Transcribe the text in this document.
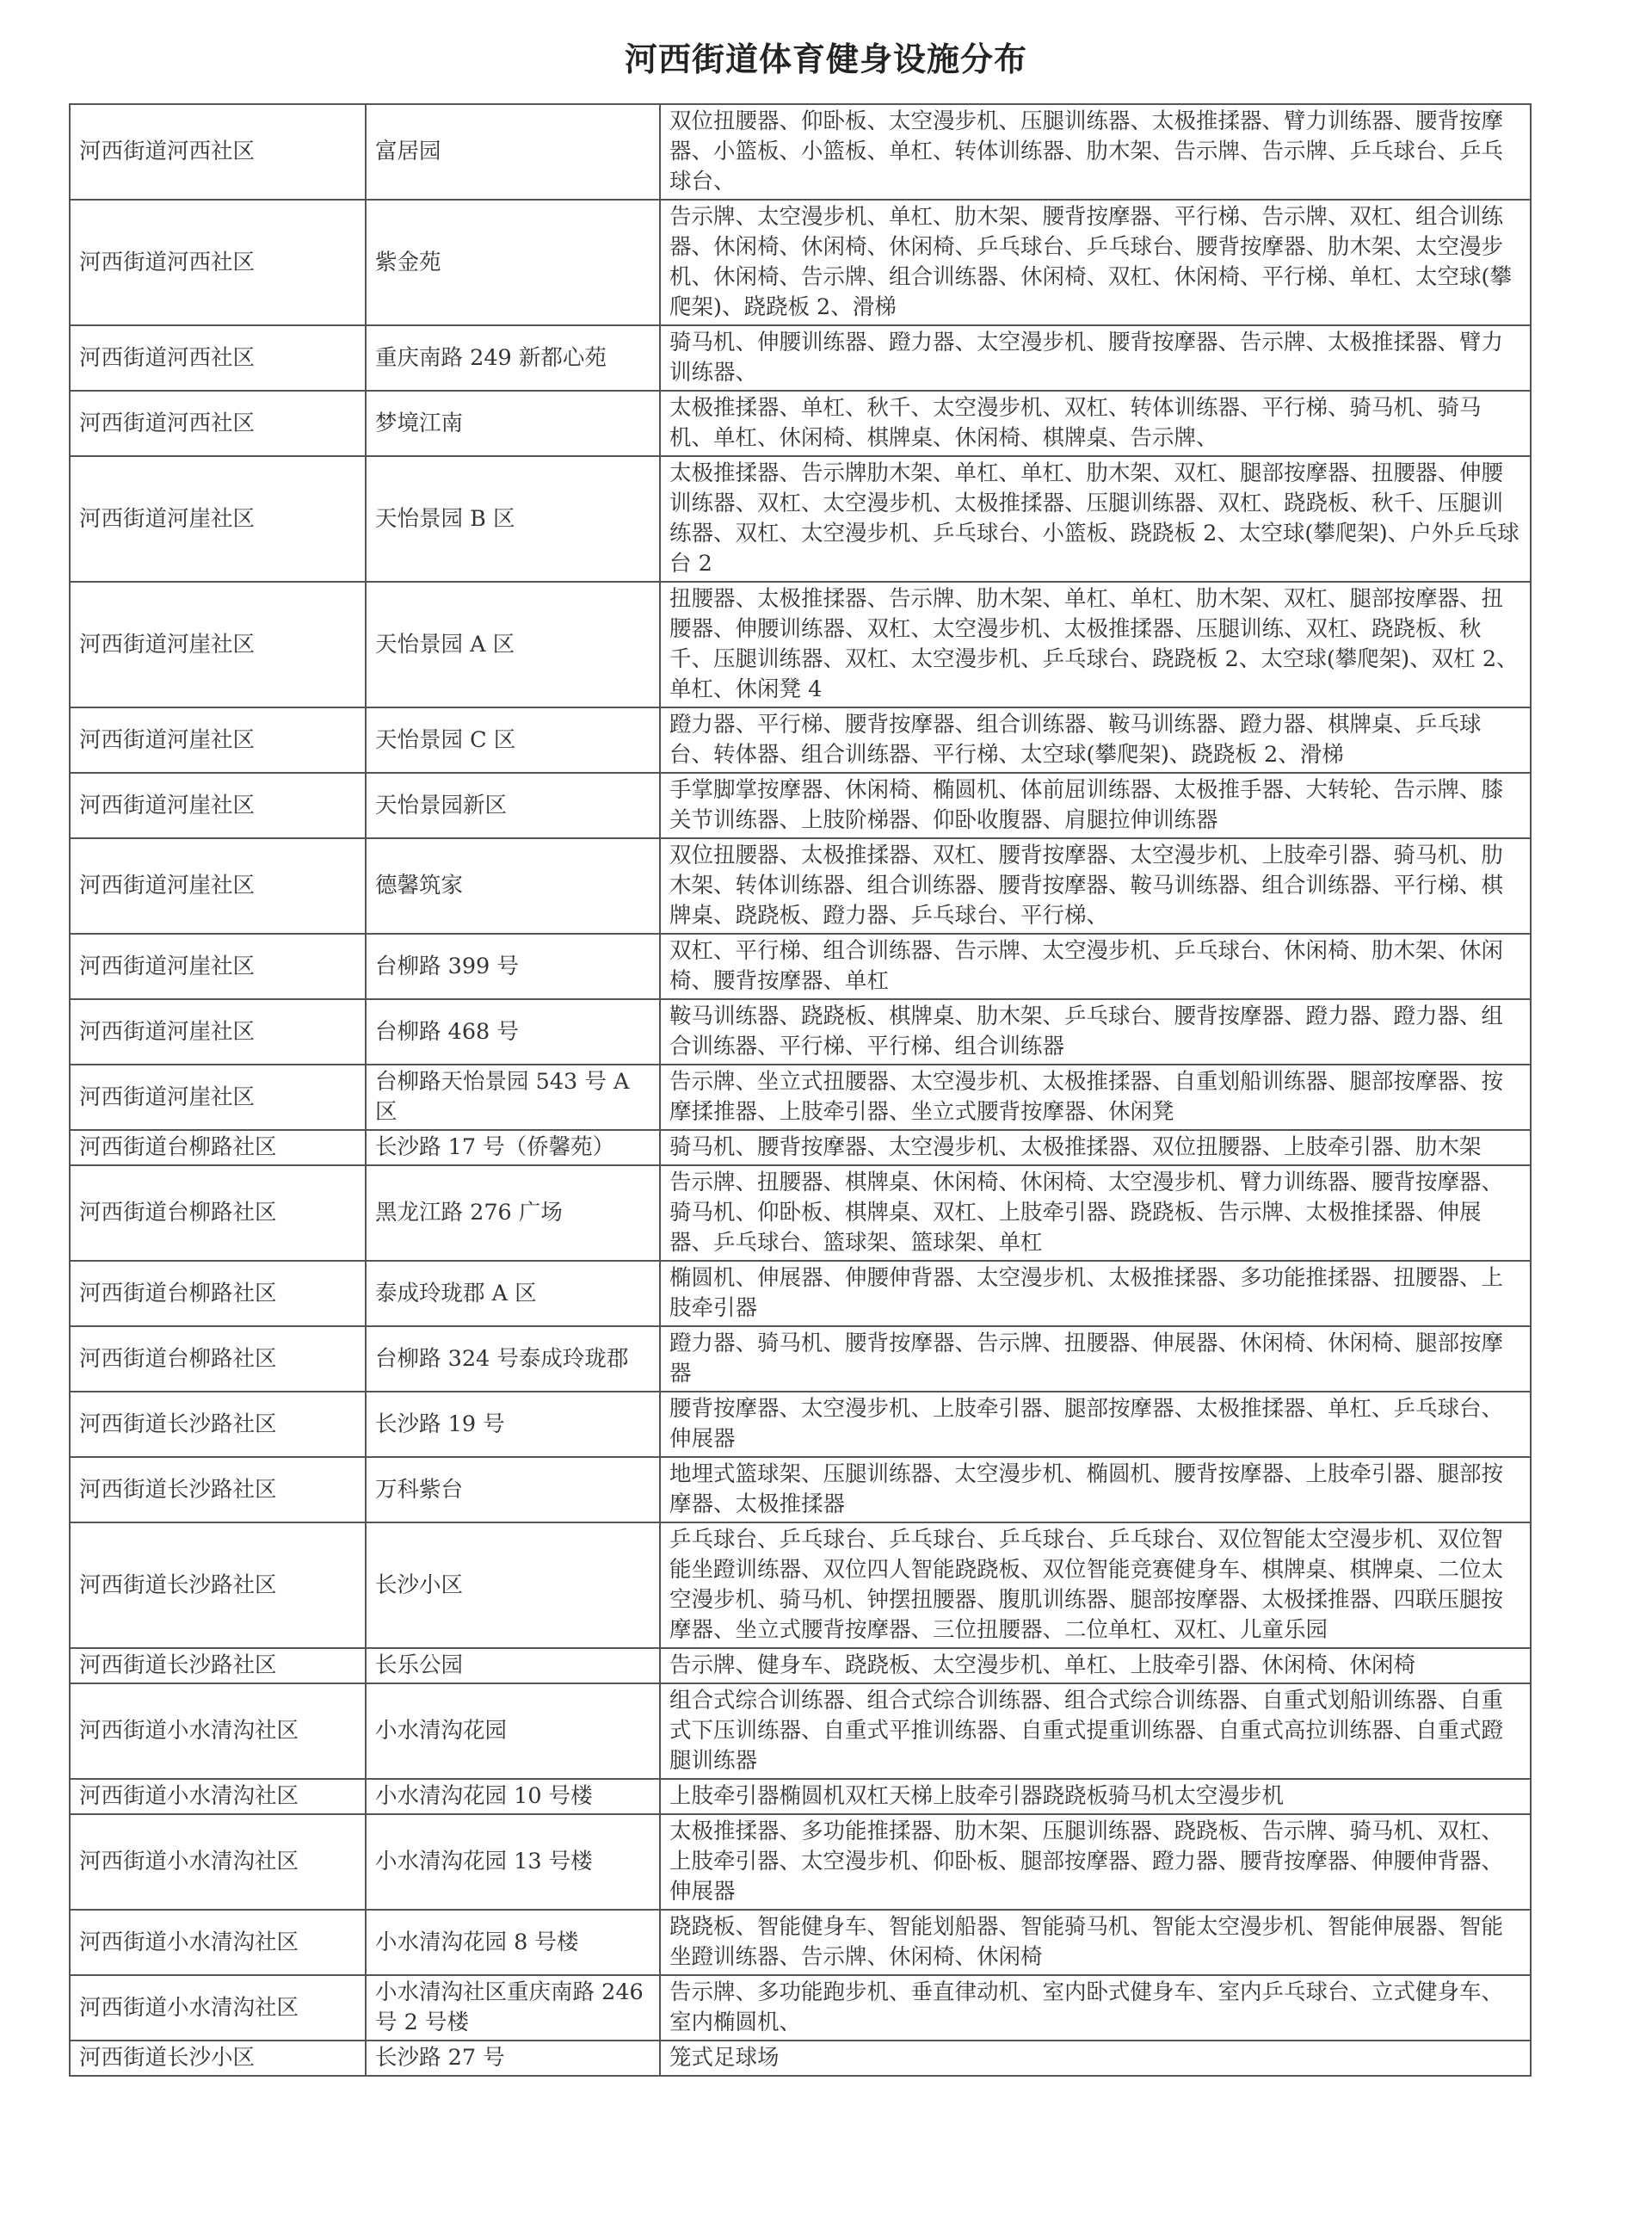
河西街道体育健身设施分布
河西街道河西社区	富居园	双位扭腰器、仰卧板、太空漫步机、压腿训练器、太极推揉器、臂力训练器、腰背按摩器、小篮板、小篮板、单杠、转体训练器、肋木架、告示牌、告示牌、乒乓球台、乒乓球台、
河西街道河西社区	紫金苑	告示牌、太空漫步机、单杠、肋木架、腰背按摩器、平行梯、告示牌、双杠、组合训练器、休闲椅、休闲椅、休闲椅、乒乓球台、乒乓球台、腰背按摩器、肋木架、太空漫步机、休闲椅、告示牌、组合训练器、休闲椅、双杠、休闲椅、平行梯、单杠、太空球(攀爬架)、跷跷板 2、滑梯
河西街道河西社区	重庆南路 249 新都心苑	骑马机、伸腰训练器、蹬力器、太空漫步机、腰背按摩器、告示牌、太极推揉器、臂力训练器、
河西街道河西社区	梦境江南	太极推揉器、单杠、秋千、太空漫步机、双杠、转体训练器、平行梯、骑马机、骑马机、单杠、休闲椅、棋牌桌、休闲椅、棋牌桌、告示牌、
河西街道河崖社区	天怡景园 B 区	太极推揉器、告示牌肋木架、单杠、单杠、肋木架、双杠、腿部按摩器、扭腰器、伸腰训练器、双杠、太空漫步机、太极推揉器、压腿训练器、双杠、跷跷板、秋千、压腿训练器、双杠、太空漫步机、乒乓球台、小篮板、跷跷板 2、太空球(攀爬架)、户外乒乓球台 2
河西街道河崖社区	天怡景园 A 区	扭腰器、太极推揉器、告示牌、肋木架、单杠、单杠、肋木架、双杠、腿部按摩器、扭腰器、伸腰训练器、双杠、太空漫步机、太极推揉器、压腿训练、双杠、跷跷板、秋千、压腿训练器、双杠、太空漫步机、乒乓球台、跷跷板 2、太空球(攀爬架)、双杠 2、单杠、休闲凳 4
河西街道河崖社区	天怡景园 C 区	蹬力器、平行梯、腰背按摩器、组合训练器、鞍马训练器、蹬力器、棋牌桌、乒乓球台、转体器、组合训练器、平行梯、太空球(攀爬架)、跷跷板 2、滑梯
河西街道河崖社区	天怡景园新区	手掌脚掌按摩器、休闲椅、椭圆机、体前屈训练器、太极推手器、大转轮、告示牌、膝关节训练器、上肢阶梯器、仰卧收腹器、肩腿拉伸训练器
河西街道河崖社区	德馨筑家	双位扭腰器、太极推揉器、双杠、腰背按摩器、太空漫步机、上肢牵引器、骑马机、肋木架、转体训练器、组合训练器、腰背按摩器、鞍马训练器、组合训练器、平行梯、棋牌桌、跷跷板、蹬力器、乒乓球台、平行梯、
河西街道河崖社区	台柳路 399 号	双杠、平行梯、组合训练器、告示牌、太空漫步机、乒乓球台、休闲椅、肋木架、休闲椅、腰背按摩器、单杠
河西街道河崖社区	台柳路 468 号	鞍马训练器、跷跷板、棋牌桌、肋木架、乒乓球台、腰背按摩器、蹬力器、蹬力器、组合训练器、平行梯、平行梯、组合训练器
河西街道河崖社区	台柳路天怡景园 543 号 A 区	告示牌、坐立式扭腰器、太空漫步机、太极推揉器、自重划船训练器、腿部按摩器、按摩揉推器、上肢牵引器、坐立式腰背按摩器、休闲凳
河西街道台柳路社区	长沙路 17 号（侨馨苑）	骑马机、腰背按摩器、太空漫步机、太极推揉器、双位扭腰器、上肢牵引器、肋木架
河西街道台柳路社区	黑龙江路 276 广场	告示牌、扭腰器、棋牌桌、休闲椅、休闲椅、太空漫步机、臂力训练器、腰背按摩器、骑马机、仰卧板、棋牌桌、双杠、上肢牵引器、跷跷板、告示牌、太极推揉器、伸展器、乒乓球台、篮球架、篮球架、单杠
河西街道台柳路社区	泰成玲珑郡 A 区	椭圆机、伸展器、伸腰伸背器、太空漫步机、太极推揉器、多功能推揉器、扭腰器、上肢牵引器
河西街道台柳路社区	台柳路 324 号泰成玲珑郡	蹬力器、骑马机、腰背按摩器、告示牌、扭腰器、伸展器、休闲椅、休闲椅、腿部按摩器
河西街道长沙路社区	长沙路 19 号	腰背按摩器、太空漫步机、上肢牵引器、腿部按摩器、太极推揉器、单杠、乒乓球台、伸展器
河西街道长沙路社区	万科紫台	地埋式篮球架、压腿训练器、太空漫步机、椭圆机、腰背按摩器、上肢牵引器、腿部按摩器、太极推揉器
河西街道长沙路社区	长沙小区	乒乓球台、乒乓球台、乒乓球台、乒乓球台、乒乓球台、双位智能太空漫步机、双位智能坐蹬训练器、双位四人智能跷跷板、双位智能竞赛健身车、棋牌桌、棋牌桌、二位太空漫步机、骑马机、钟摆扭腰器、腹肌训练器、腿部按摩器、太极揉推器、四联压腿按摩器、坐立式腰背按摩器、三位扭腰器、二位单杠、双杠、儿童乐园
河西街道长沙路社区	长乐公园	告示牌、健身车、跷跷板、太空漫步机、单杠、上肢牵引器、休闲椅、休闲椅
河西街道小水清沟社区	小水清沟花园	组合式综合训练器、组合式综合训练器、组合式综合训练器、自重式划船训练器、自重式下压训练器、自重式平推训练器、自重式提重训练器、自重式高拉训练器、自重式蹬腿训练器
河西街道小水清沟社区	小水清沟花园 10 号楼	上肢牵引器椭圆机双杠天梯上肢牵引器跷跷板骑马机太空漫步机
河西街道小水清沟社区	小水清沟花园 13 号楼	太极推揉器、多功能推揉器、肋木架、压腿训练器、跷跷板、告示牌、骑马机、双杠、上肢牵引器、太空漫步机、仰卧板、腿部按摩器、蹬力器、腰背按摩器、伸腰伸背器、伸展器
河西街道小水清沟社区	小水清沟花园 8 号楼	跷跷板、智能健身车、智能划船器、智能骑马机、智能太空漫步机、智能伸展器、智能坐蹬训练器、告示牌、休闲椅、休闲椅
河西街道小水清沟社区	小水清沟社区重庆南路 246 号 2 号楼	告示牌、多功能跑步机、垂直律动机、室内卧式健身车、室内乒乓球台、立式健身车、室内椭圆机、
河西街道长沙小区	长沙路 27 号	笼式足球场
